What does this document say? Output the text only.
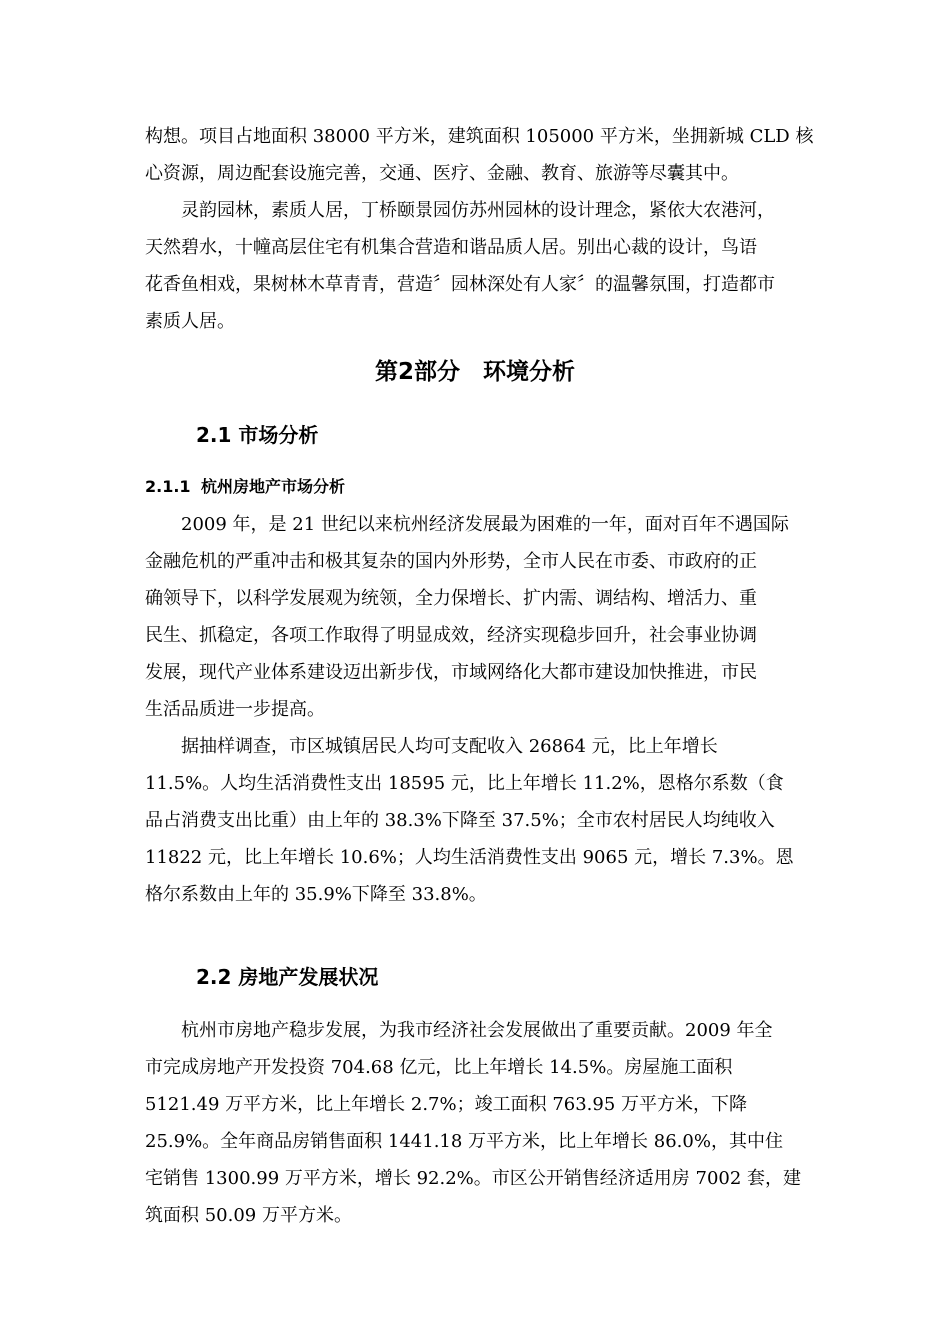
构想。项目占地面积 38000 平方米，建筑面积 105000 平方米，坐拥新城 CLD 核
心资源，周边配套设施完善，交通、医疗、金融、教育、旅游等尽囊其中。
灵韵园林，素质人居，丁桥颐景园仿苏州园林的设计理念，紧依大农港河，
天然碧水，十幢高层住宅有机集合营造和谐品质人居。别出心裁的设计，鸟语
花香鱼相戏，果树林木草青青，营造〞园林深处有人家〞的温馨氛围，打造都市
素质人居。
第2部分　环境分析
2.1 市场分析
2.1.1 杭州房地产市场分析
2009 年，是 21 世纪以来杭州经济发展最为困难的一年，面对百年不遇国际
金融危机的严重冲击和极其复杂的国内外形势，全市人民在市委、市政府的正
确领导下，以科学发展观为统领，全力保增长、扩内需、调结构、增活力、重
民生、抓稳定，各项工作取得了明显成效，经济实现稳步回升，社会事业协调
发展，现代产业体系建设迈出新步伐，市域网络化大都市建设加快推进，市民
生活品质进一步提高。
据抽样调查，市区城镇居民人均可支配收入 26864 元，比上年增长
11.5%。人均生活消费性支出 18595 元，比上年增长 11.2%，恩格尔系数（食
品占消费支出比重）由上年的 38.3%下降至 37.5%；全市农村居民人均纯收入
11822 元，比上年增长 10.6%；人均生活消费性支出 9065 元，增长 7.3%。恩
格尔系数由上年的 35.9%下降至 33.8%。
2.2 房地产发展状况
杭州市房地产稳步发展，为我市经济社会发展做出了重要贡献。2009 年全
市完成房地产开发投资 704.68 亿元，比上年增长 14.5%。房屋施工面积
5121.49 万平方米，比上年增长 2.7%；竣工面积 763.95 万平方米，下降
25.9%。全年商品房销售面积 1441.18 万平方米，比上年增长 86.0%，其中住
宅销售 1300.99 万平方米，增长 92.2%。市区公开销售经济适用房 7002 套，建
筑面积 50.09 万平方米。
